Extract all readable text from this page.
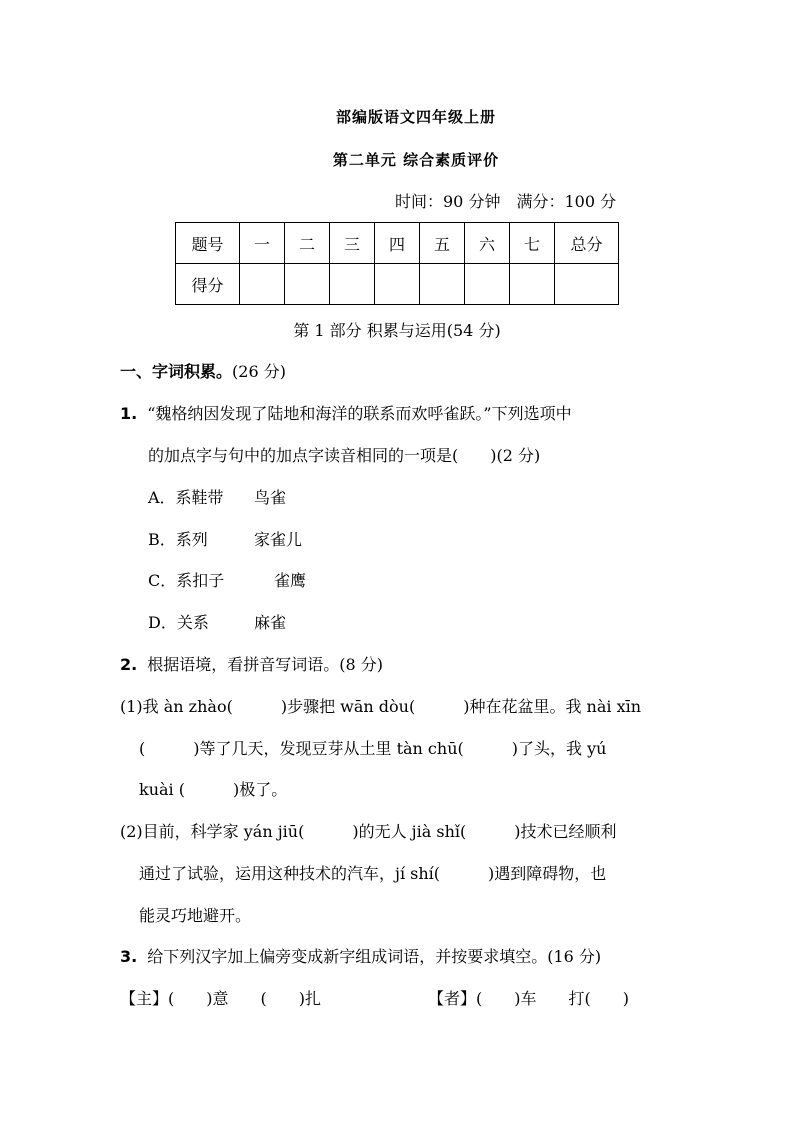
部编版语文四年级上册
第二单元 综合素质评价
时间：90 分钟 满分：100 分
题号	一	二	三	四	五	六	七	总分
得分								
第 1 部分 积累与运用(54 分)
一、字词积累。(26 分)
1. “魏格纳因发现了陆地和海洋的联系而欢呼雀跃。”下列选项中
的加点字与句中的加点字读音相同的一项是(　　)(2 分)
A．系鞋带 鸟雀
B．系列	家雀儿
C．系扣子	雀鹰
D．关系	麻雀
2. 根据语境，看拼音写词语。(8 分)
(1)我 àn zhào(　　　)步骤把 wān dòu(　　　)种在花盆里。我 nài xīn
(　　　)等了几天，发现豆芽从土里 tàn chū(　　　)了头，我 yú
kuài (　　　)极了。
(2)目前，科学家 yán jiū(　　　)的无人 jià shǐ(　　　)技术已经顺利
通过了试验，运用这种技术的汽车，jí shí(　　　)遇到障碍物，也
能灵巧地避开。
3. 给下列汉字加上偏旁变成新字组成词语，并按要求填空。(16 分)
【主】(　　)意　　(　　)扎	【者】(　　)车　　打(　　)
